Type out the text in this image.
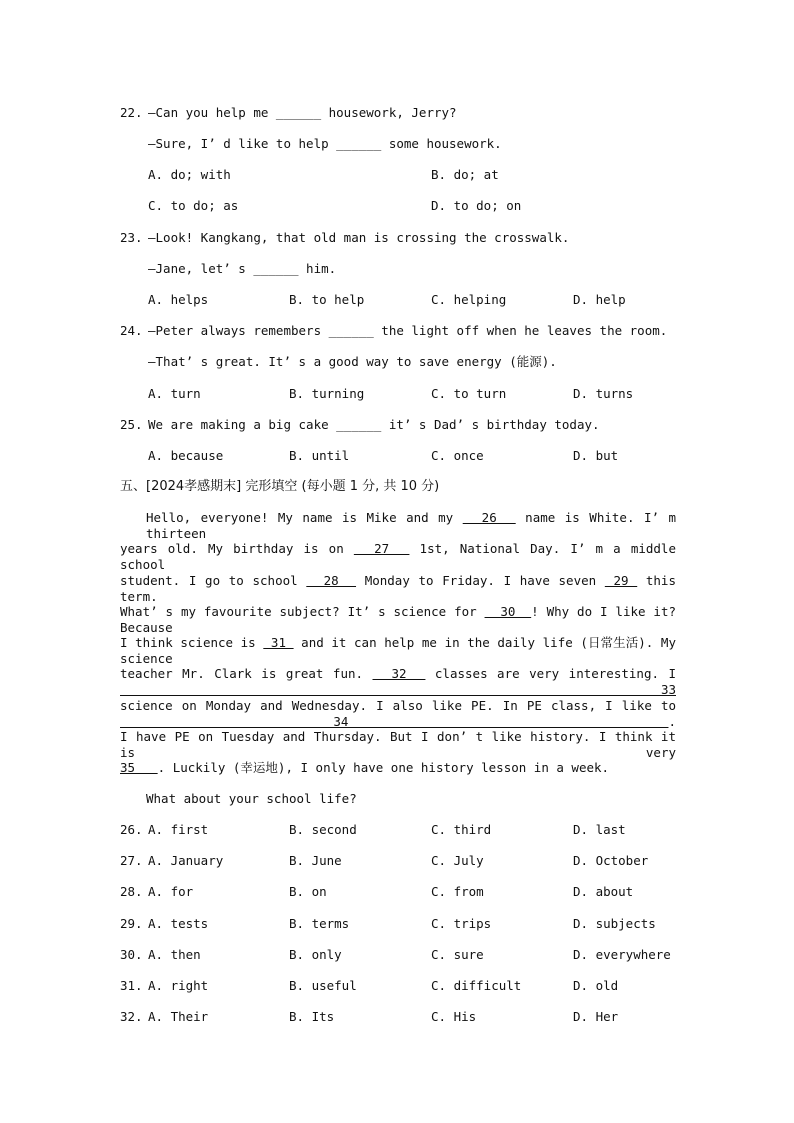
22. —Can you help me ______ housework, Jerry?
—Sure, I’ d like to help ______ some housework.
A. do; with	B. do; at
C. to do; as	D. to do; on
23. —Look! Kangkang, that old man is crossing the crosswalk.
—Jane, let’ s ______ him.
A. helps	B. to help	C. helping	D. help
24. —Peter always remembers ______ the light off when he leaves the room.
—That’ s great. It’ s a good way to save energy (能源).
A. turn	B. turning	C. to turn	D. turns
25. We are making a big cake ______ it’ s Dad’ s birthday today.
A. because	B. until	C. once	D. but
五、[2024孝感期末] 完形填空 (每小题 1 分, 共 10 分)
Hello, everyone! My name is Mike and my   26   name is White. I’ m thirteen
years old. My birthday is on   27   1st, National Day. I’ m a middle school
student. I go to school   28   Monday to Friday. I have seven  29  this term.
What’ s my favourite subject? It’ s science for   30  ! Why do I like it? Because
I think science is  31  and it can help me in the daily life (日常生活). My science
teacher Mr. Clark is great fun.   32   classes are very interesting. I  33
science on Monday and Wednesday. I also like PE. In PE class, I like to   34   .
I have PE on Tuesday and Thursday. But I don’ t like history. I think it is very
35   . Luckily (幸运地), I only have one history lesson in a week.
What about your school life?
26. A. first	B. second	C. third	D. last
27. A. January	B. June	C. July	D. October
28. A. for	B. on	C. from	D. about
29. A. tests	B. terms	C. trips	D. subjects
30. A. then	B. only	C. sure	D. everywhere
31. A. right	B. useful	C. difficult	D. old
32. A. Their	B. Its	C. His	D. Her
